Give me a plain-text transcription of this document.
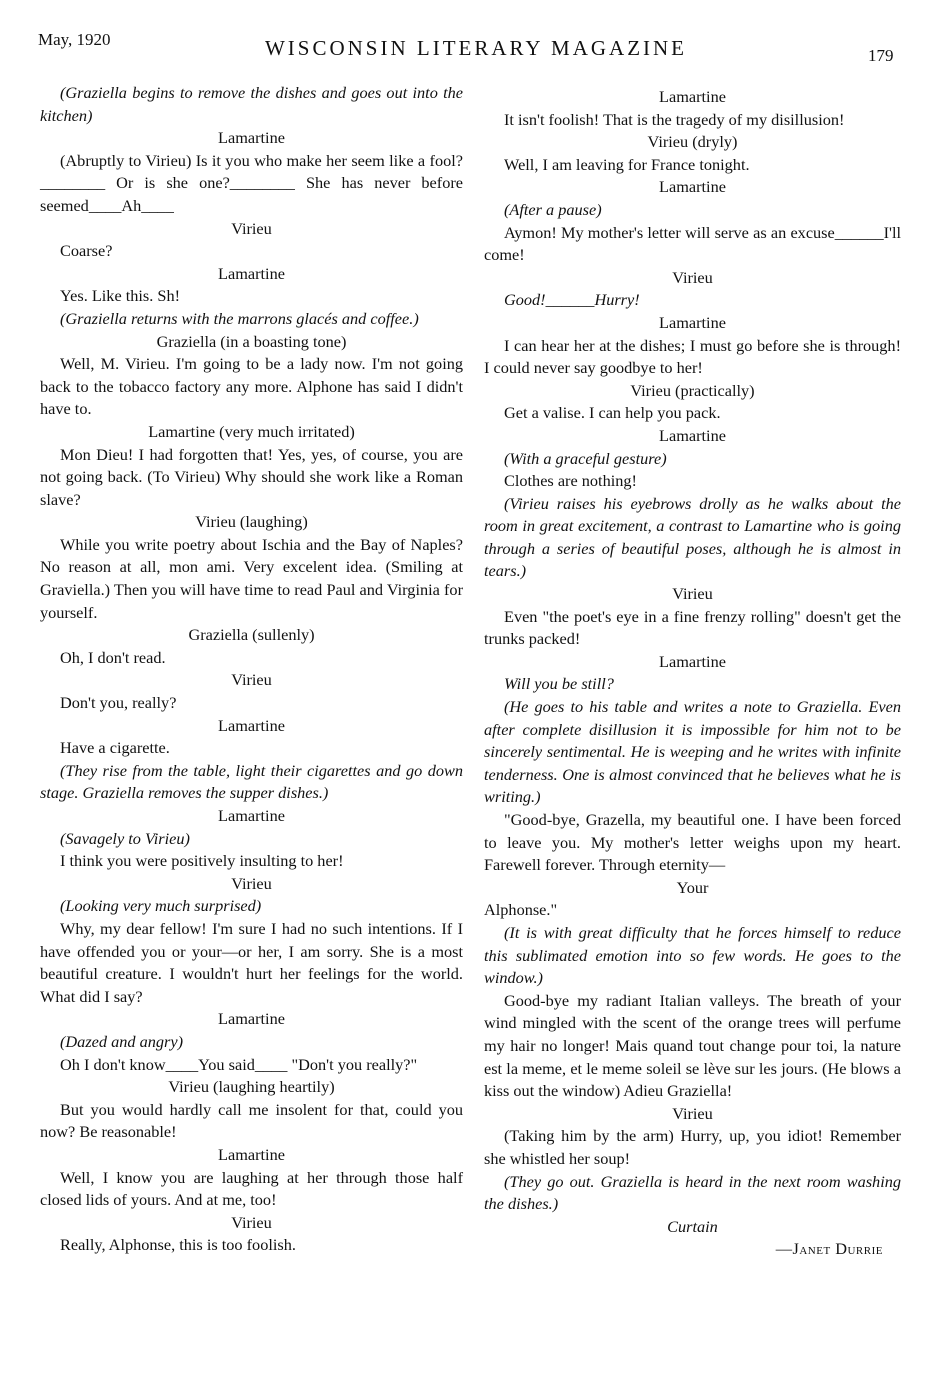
May, 1920	WISCONSIN LITERARY MAGAZINE	179

(Graziella begins to remove the dishes and goes out into the kitchen)

Lamartine

(Abruptly to Virieu) Is it you who make her seem like a fool? ________ Or is she one?________ She has never before seemed____Ah____

Virieu

Coarse?

Lamartine

Yes. Like this. Sh!

(Graziella returns with the marrons glacés and coffee.)

Graziella (in a boasting tone)

Well, M. Virieu. I'm going to be a lady now. I'm not going back to the tobacco factory any more. Alphone has said I didn't have to.

Lamartine (very much irritated)

Mon Dieu! I had forgotten that! Yes, yes, of course, you are not going back. (To Virieu) Why should she work like a Roman slave?

Virieu (laughing)

While you write poetry about Ischia and the Bay of Naples? No reason at all, mon ami. Very excelent idea. (Smiling at Graviella.) Then you will have time to read Paul and Virginia for yourself.

Graziella (sullenly)

Oh, I don't read.

Virieu

Don't you, really?

Lamartine

Have a cigarette.

(They rise from the table, light their cigarettes and go down stage. Graziella removes the supper dishes.)

Lamartine

(Savagely to Virieu)

I think you were positively insulting to her!

Virieu

(Looking very much surprised)

Why, my dear fellow! I'm sure I had no such intentions. If I have offended you or your—or her, I am sorry. She is a most beautiful creature. I wouldn't hurt her feelings for the world. What did I say?

Lamartine

(Dazed and angry)

Oh I don't know____You said____ "Don't you really?"

Virieu (laughing heartily)

But you would hardly call me insolent for that, could you now? Be reasonable!

Lamartine

Well, I know you are laughing at her through those half closed lids of yours. And at me, too!

Virieu

Really, Alphonse, this is too foolish.

Lamartine

It isn't foolish! That is the tragedy of my disillusion!

Virieu (dryly)

Well, I am leaving for France tonight.

Lamartine

(After a pause)

Aymon! My mother's letter will serve as an excuse______I'll come!

Virieu

Good!______Hurry!

Lamartine

I can hear her at the dishes; I must go before she is through! I could never say goodbye to her!

Virieu (practically)

Get a valise. I can help you pack.

Lamartine

(With a graceful gesture)

Clothes are nothing!

(Virieu raises his eyebrows drolly as he walks about the room in great excitement, a contrast to Lamartine who is going through a series of beautiful poses, although he is almost in tears.)

Virieu

Even "the poet's eye in a fine frenzy rolling" doesn't get the trunks packed!

Lamartine

Will you be still?

(He goes to his table and writes a note to Graziella. Even after complete disillusion it is impossible for him not to be sincerely sentimental. He is weeping and he writes with infinite tenderness. One is almost convinced that he believes what he is writing.)

"Good-bye, Grazella, my beautiful one. I have been forced to leave you. My mother's letter weighs upon my heart. Farewell forever. Through eternity—

Your

Alphonse."

(It is with great difficulty that he forces himself to reduce this sublimated emotion into so few words. He goes to the window.)

Good-bye my radiant Italian valleys. The breath of your wind mingled with the scent of the orange trees will perfume my hair no longer! Mais quand tout change pour toi, la nature est la meme, et le meme soleil se lève sur les jours. (He blows a kiss out the window) Adieu Graziella!

Virieu

(Taking him by the arm) Hurry, up, you idiot! Remember she whistled her soup!

(They go out. Graziella is heard in the next room washing the dishes.)

Curtain

—Janet Durrie
